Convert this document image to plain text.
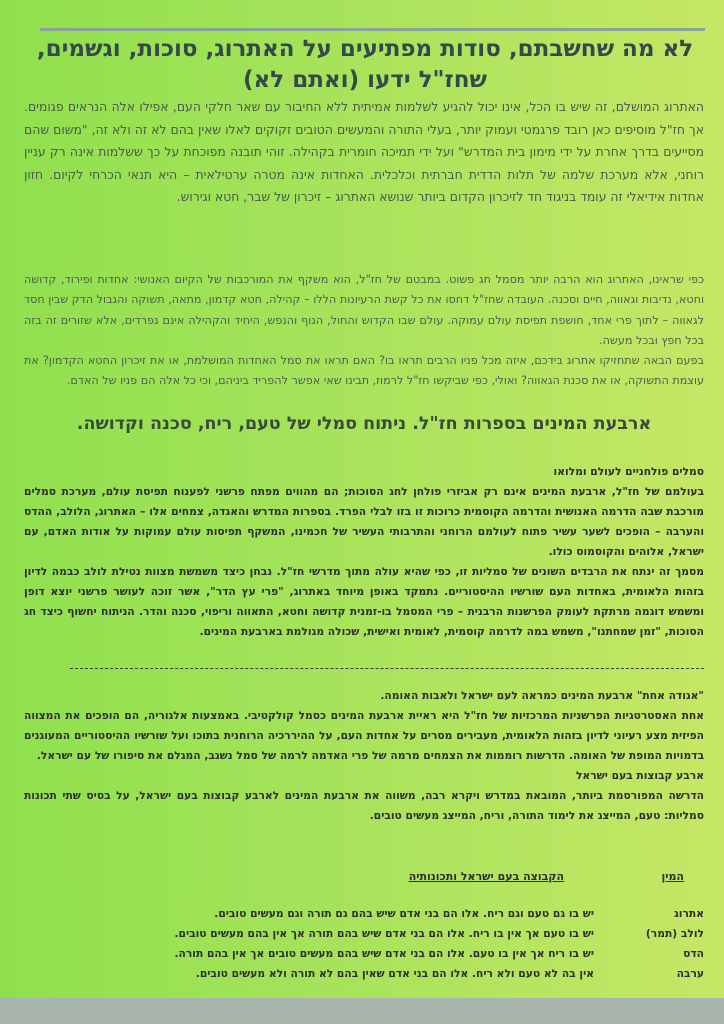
לא מה שחשבתם, סודות מפתיעים על האתרוג, סוכות, וגשמים, שחז"ל ידעו (ואתם לא)

האתרוג המושלם, זה שיש בו הכל, אינו יכול להגיע לשלמות אמיתית ללא החיבור עם שאר חלקי העם, אפילו אלה הנראים פגומים. אך חז"ל מוסיפים כאן רובד פרגמטי ועמוק יותר, בעלי התורה והמעשים הטובים זקוקים לאלו שאין בהם לא זה ולא זה, "משום שהם מסייעים בדרך אחרת על ידי מימון בית המדרש" ועל ידי תמיכה חומרית בקהילה. זוהי תובנה מפוכחת על כך ששלמות אינה רק עניין רוחני, אלא מערכת שלמה של תלות הדדית חברתית וכלכלית. האחדות אינה מטרה ערטילאית – היא תנאי הכרחי לקיום. חזון אחדות אידיאלי זה עומד בניגוד חד לזיכרון הקדום ביותר שנושא האתרוג – זיכרון של שבר, חטא וגירוש.

כפי שראינו, האתרוג הוא הרבה יותר מסמל חג פשוט. במבטם של חז"ל, הוא משקף את המורכבות של הקיום האנושי: אחדות ופירוד, קדושה וחטא, נדיבות וגאווה, חיים וסכנה. העובדה שחז"ל דחסו את כל קשת הרעיונות הללו – קהילה, חטא קדמון, מתאה, תשוקה והגבול הדק שבין חסד לגאווה – לתוך פרי אחד, חושפת תפיסת עולם עמוקה. עולם שבו הקדוש והחול, הגוף והנפש, היחיד והקהילה אינם נפרדים, אלא שזורים זה בזה בכל חפץ ובכל מעשה.

בפעם הבאה שתחזיקו אתרוג בידכם, איזה מכל פניו הרבים תראו בו? האם תראו את סמל האחדות המושלמת, או את זיכרון החטא הקדמון? את עוצמת התשוקה, או את סכנת הגאווה? ואולי, כפי שביקשו חז"ל לרמוז, תבינו שאי אפשר להפריד ביניהם, וכי כל אלה הם פניו של האדם.

ארבעת המינים בספרות חז"ל. ניתוח סמלי של טעם, ריח, סכנה וקדושה.

סמלים פולחניים לעולם ומלואו

בעולמם של חז"ל, ארבעת המינים אינם רק אביזרי פולחן לחג הסוכות; הם מהווים מפתח פרשני לפענוח תפיסת עולם, מערכת סמלים מורכבת שבה הדרמה האנושית והדרמה הקוסמית כרוכות זו בזו לבלי הפרד. בספרות המדרש והאגדה, צמחים אלו – האתרוג, הלולב, ההדס והערבה – הופכים לשער עשיר פתוח לעולמם הרוחני והתרבותי העשיר של חכמינו, המשקף תפיסות עולם עמוקות על אודות האדם, עם ישראל, אלוהים והקוסמוס כולו.

מסמך זה ינתח את הרבדים השונים של סמליות זו, כפי שהיא עולה מתוך מדרשי חז"ל. נבחן כיצד משמשת מצוות נטילת לולב כבמה לדיון בזהות הלאומית, באחדות העם שורשיו ההיסטוריים. נתמקד באופן מיוחד באתרוג, "פרי עץ הדר", אשר זוכה לעושר פרשני יוצא דופן ומשמש דוגמה מרתקת לעומק הפרשנות הרבנית – פרי המסמל בו-זמנית קדושה וחטא, התאווה וריפוי, סכנה והדר. הניתוח יחשוף כיצד חג הסוכות, "זמן שמחתנו", משמש במה לדרמה קוסמית, לאומית ואישית, שכולה מגולמת בארבעת המינים.

"אגודה אחת" ארבעת המינים כמראה לעם ישראל ולאבות האומה.

אחת האסטרטגיות הפרשניות המרכזיות של חז"ל היא ראיית ארבעת המינים כסמל קולקטיבי. באמצעות אלגוריה, הם הופכים את המצווה הפיזית מצע רעיוני לדיון בזהות הלאומית, מעבירים מסרים על אחדות העם, על ההיררכיה הרוחנית בתוכו ועל שורשיו ההיסטוריים המעוגנים בדמויות המופת של האומה. הדרשות רוממות את הצמחים מרמה של פרי האדמה לרמה של סמל נשגב, המגלם את סיפורו של עם ישראל.

ארבע קבוצות בעם ישראל

הדרשה המפורסמת ביותר, המובאת במדרש ויקרא רבה, משווה את ארבעת המינים לארבע קבוצות בעם ישראל, על בסיס שתי תכונות סמליות: טעם, המייצג את לימוד התורה, וריח, המייצג מעשים טובים.

המין
הקבוצה בעם ישראל ותכונותיה
אתרוג
יש בו גם טעם וגם ריח. אלו הם בני אדם שיש בהם גם תורה וגם מעשים טובים.
לולב (תמר)
יש בו טעם אך אין בו ריח. אלו הם בני אדם שיש בהם תורה אך אין בהם מעשים טובים.
הדס
יש בו ריח אך אין בו טעם. אלו הם בני אדם שיש בהם מעשים טובים אך אין בהם תורה.
ערבה
אין בה לא טעם ולא ריח. אלו הם בני אדם שאין בהם לא תורה ולא מעשים טובים.
